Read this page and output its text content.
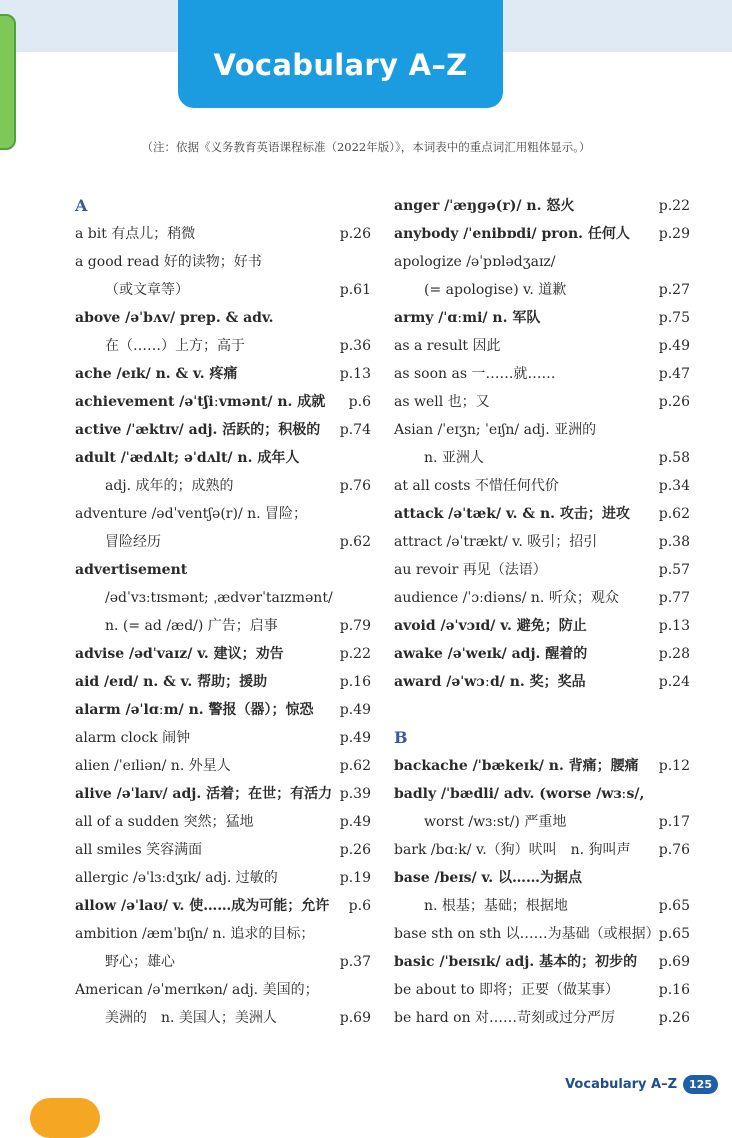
Vocabulary A–Z
（注：依据《义务教育英语课程标准（2022年版）》，本词表中的重点词汇用粗体显示。）
A
a bit 有点儿；稍微	p.26
a good read 好的读物；好书
（或文章等）	p.61
above /əˈbʌv/ prep. & adv.
在（……）上方；高于	p.36
ache /eɪk/ n. & v. 疼痛	p.13
achievement /əˈtʃiːvmənt/ n. 成就	p.6
active /ˈæktɪv/ adj. 活跃的；积极的	p.74
adult /ˈædʌlt; əˈdʌlt/ n. 成年人
adj. 成年的；成熟的	p.76
adventure /ədˈventʃə(r)/ n. 冒险；
冒险经历	p.62
advertisement
/ədˈvɜːtɪsmənt; ˌædvərˈtaɪzmənt/
n. (= ad /æd/) 广告；启事	p.79
advise /ədˈvaɪz/ v. 建议；劝告	p.22
aid /eɪd/ n. & v. 帮助；援助	p.16
alarm /əˈlɑːm/ n. 警报（器）；惊恐	p.49
alarm clock 闹钟	p.49
alien /ˈeɪliən/ n. 外星人	p.62
alive /əˈlaɪv/ adj. 活着；在世；有活力 p.39
all of a sudden 突然；猛地	p.49
all smiles 笑容满面	p.26
allergic /əˈlɜːdʒɪk/ adj. 过敏的	p.19
allow /əˈlaʊ/ v. 使……成为可能；允许	p.6
ambition /æmˈbɪʃn/ n. 追求的目标；
野心；雄心	p.37
American /əˈmerɪkən/ adj. 美国的；
美洲的　n. 美国人；美洲人	p.69
anger /ˈæŋɡə(r)/ n. 怒火	p.22
anybody /ˈenibɒdi/ pron. 任何人	p.29
apologize /əˈpɒlədʒaɪz/
(= apologise) v. 道歉	p.27
army /ˈɑːmi/ n. 军队	p.75
as a result 因此	p.49
as soon as 一……就……	p.47
as well 也；又	p.26
Asian /ˈeɪʒn; ˈeɪʃn/ adj. 亚洲的
n. 亚洲人	p.58
at all costs 不惜任何代价	p.34
attack /əˈtæk/ v. & n. 攻击；进攻	p.62
attract /əˈtrækt/ v. 吸引；招引	p.38
au revoir 再见（法语）	p.57
audience /ˈɔːdiəns/ n. 听众；观众	p.77
avoid /əˈvɔɪd/ v. 避免；防止	p.13
awake /əˈweɪk/ adj. 醒着的	p.28
award /əˈwɔːd/ n. 奖；奖品	p.24
B
backache /ˈbækeɪk/ n. 背痛；腰痛	p.12
badly /ˈbædli/ adv. (worse /wɜːs/,
worst /wɜːst/) 严重地	p.17
bark /bɑːk/ v.（狗）吠叫　n. 狗叫声	p.76
base /beɪs/ v. 以……为据点
n. 根基；基础；根据地	p.65
base sth on sth 以……为基础（或根据） p.65
basic /ˈbeɪsɪk/ adj. 基本的；初步的	p.69
be about to 即将；正要（做某事）	p.16
be hard on 对……苛刻或过分严厉	p.26
Vocabulary A–Z	125
